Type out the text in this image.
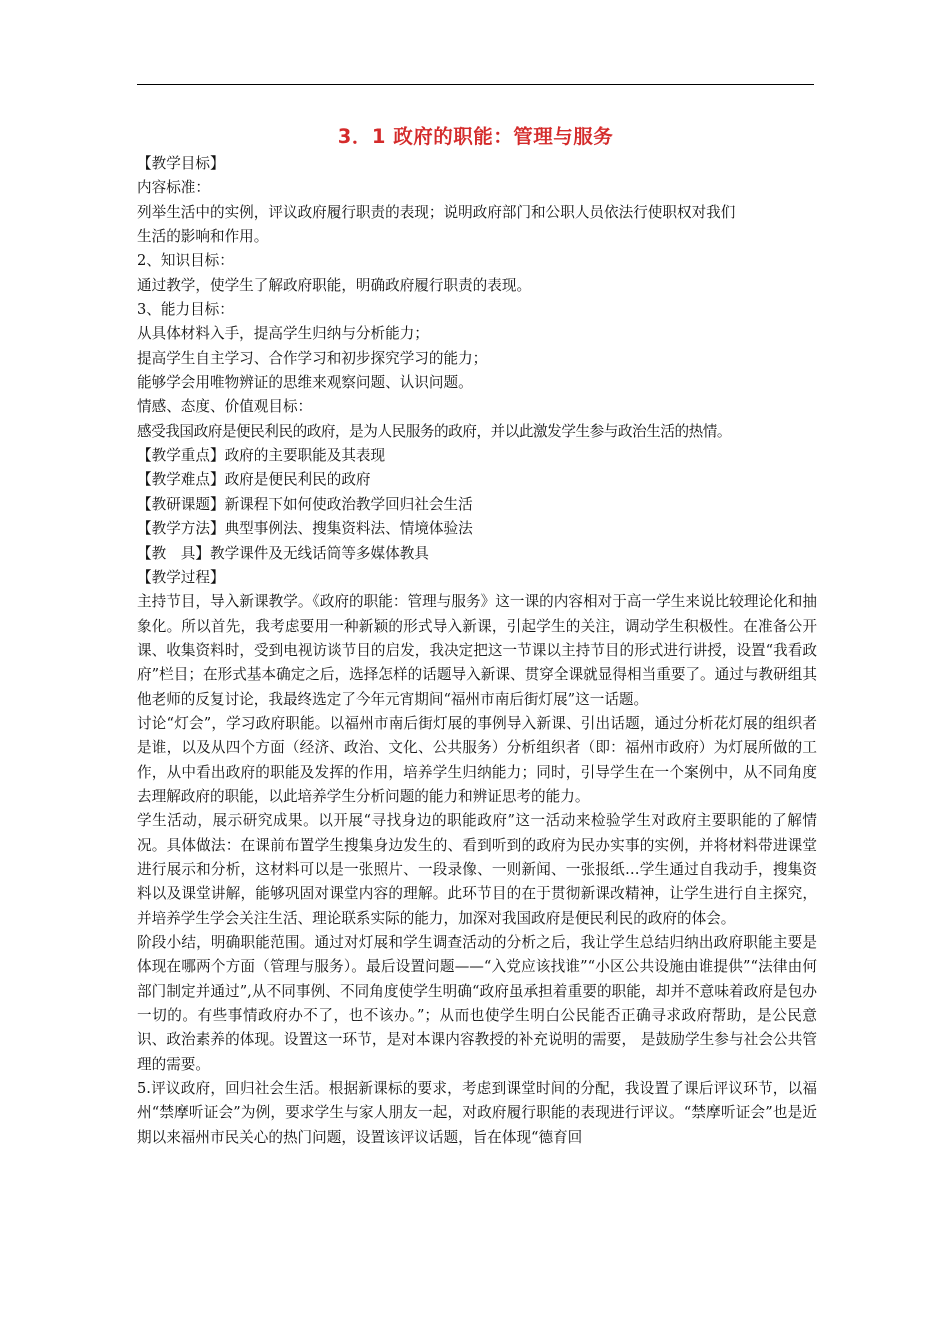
3．1 政府的职能：管理与服务

【教学目标】

内容标准：

列举生活中的实例，评议政府履行职责的表现；说明政府部门和公职人员依法行使职权对我们

生活的影响和作用。

2、知识目标：

通过教学，使学生了解政府职能，明确政府履行职责的表现。

3、能力目标：

从具体材料入手，提高学生归纳与分析能力；

提高学生自主学习、合作学习和初步探究学习的能力；

能够学会用唯物辨证的思维来观察问题、认识问题。

情感、态度、价值观目标：

感受我国政府是便民利民的政府，是为人民服务的政府，并以此激发学生参与政治生活的热情。

【教学重点】政府的主要职能及其表现

【教学难点】政府是便民利民的政府

【教研课题】新课程下如何使政治教学回归社会生活

【教学方法】典型事例法、搜集资料法、情境体验法

【教　具】教学课件及无线话筒等多媒体教具

【教学过程】

主持节目，导入新课教学。《政府的职能：管理与服务》这一课的内容相对于高一学生来说比较理论化和抽象化。所以首先，我考虑要用一种新颖的形式导入新课，引起学生的关注，调动学生积极性。在准备公开课、收集资料时，受到电视访谈节目的启发，我决定把这一节课以主持节目的形式进行讲授，设置“我看政府”栏目；在形式基本确定之后，选择怎样的话题导入新课、贯穿全课就显得相当重要了。通过与教研组其他老师的反复讨论，我最终选定了今年元宵期间“福州市南后街灯展”这一话题。

讨论“灯会”，学习政府职能。以福州市南后街灯展的事例导入新课、引出话题，通过分析花灯展的组织者是谁，以及从四个方面（经济、政治、文化、公共服务）分析组织者（即：福州市政府）为灯展所做的工作，从中看出政府的职能及发挥的作用，培养学生归纳能力；同时，引导学生在一个案例中，从不同角度去理解政府的职能，以此培养学生分析问题的能力和辨证思考的能力。

学生活动，展示研究成果。以开展“寻找身边的职能政府”这一活动来检验学生对政府主要职能的了解情况。具体做法：在课前布置学生搜集身边发生的、看到听到的政府为民办实事的实例，并将材料带进课堂进行展示和分析，这材料可以是一张照片、一段录像、一则新闻、一张报纸…学生通过自我动手，搜集资料以及课堂讲解，能够巩固对课堂内容的理解。此环节目的在于贯彻新课改精神，让学生进行自主探究，并培养学生学会关注生活、理论联系实际的能力，加深对我国政府是便民利民的政府的体会。

阶段小结，明确职能范围。通过对灯展和学生调查活动的分析之后，我让学生总结归纳出政府职能主要是体现在哪两个方面（管理与服务）。最后设置问题——“入党应该找谁”“小区公共设施由谁提供”“法律由何部门制定并通过”,从不同事例、不同角度使学生明确“政府虽承担着重要的职能，却并不意味着政府是包办一切的。有些事情政府办不了，也不该办。”；从而也使学生明白公民能否正确寻求政府帮助，是公民意识、政治素养的体现。设置这一环节，是对本课内容教授的补充说明的需要， 是鼓励学生参与社会公共管理的需要。

5.评议政府，回归社会生活。根据新课标的要求，考虑到课堂时间的分配，我设置了课后评议环节，以福州“禁摩听证会”为例，要求学生与家人朋友一起，对政府履行职能的表现进行评议。“禁摩听证会”也是近期以来福州市民关心的热门问题，设置该评议话题，旨在体现“德育回
